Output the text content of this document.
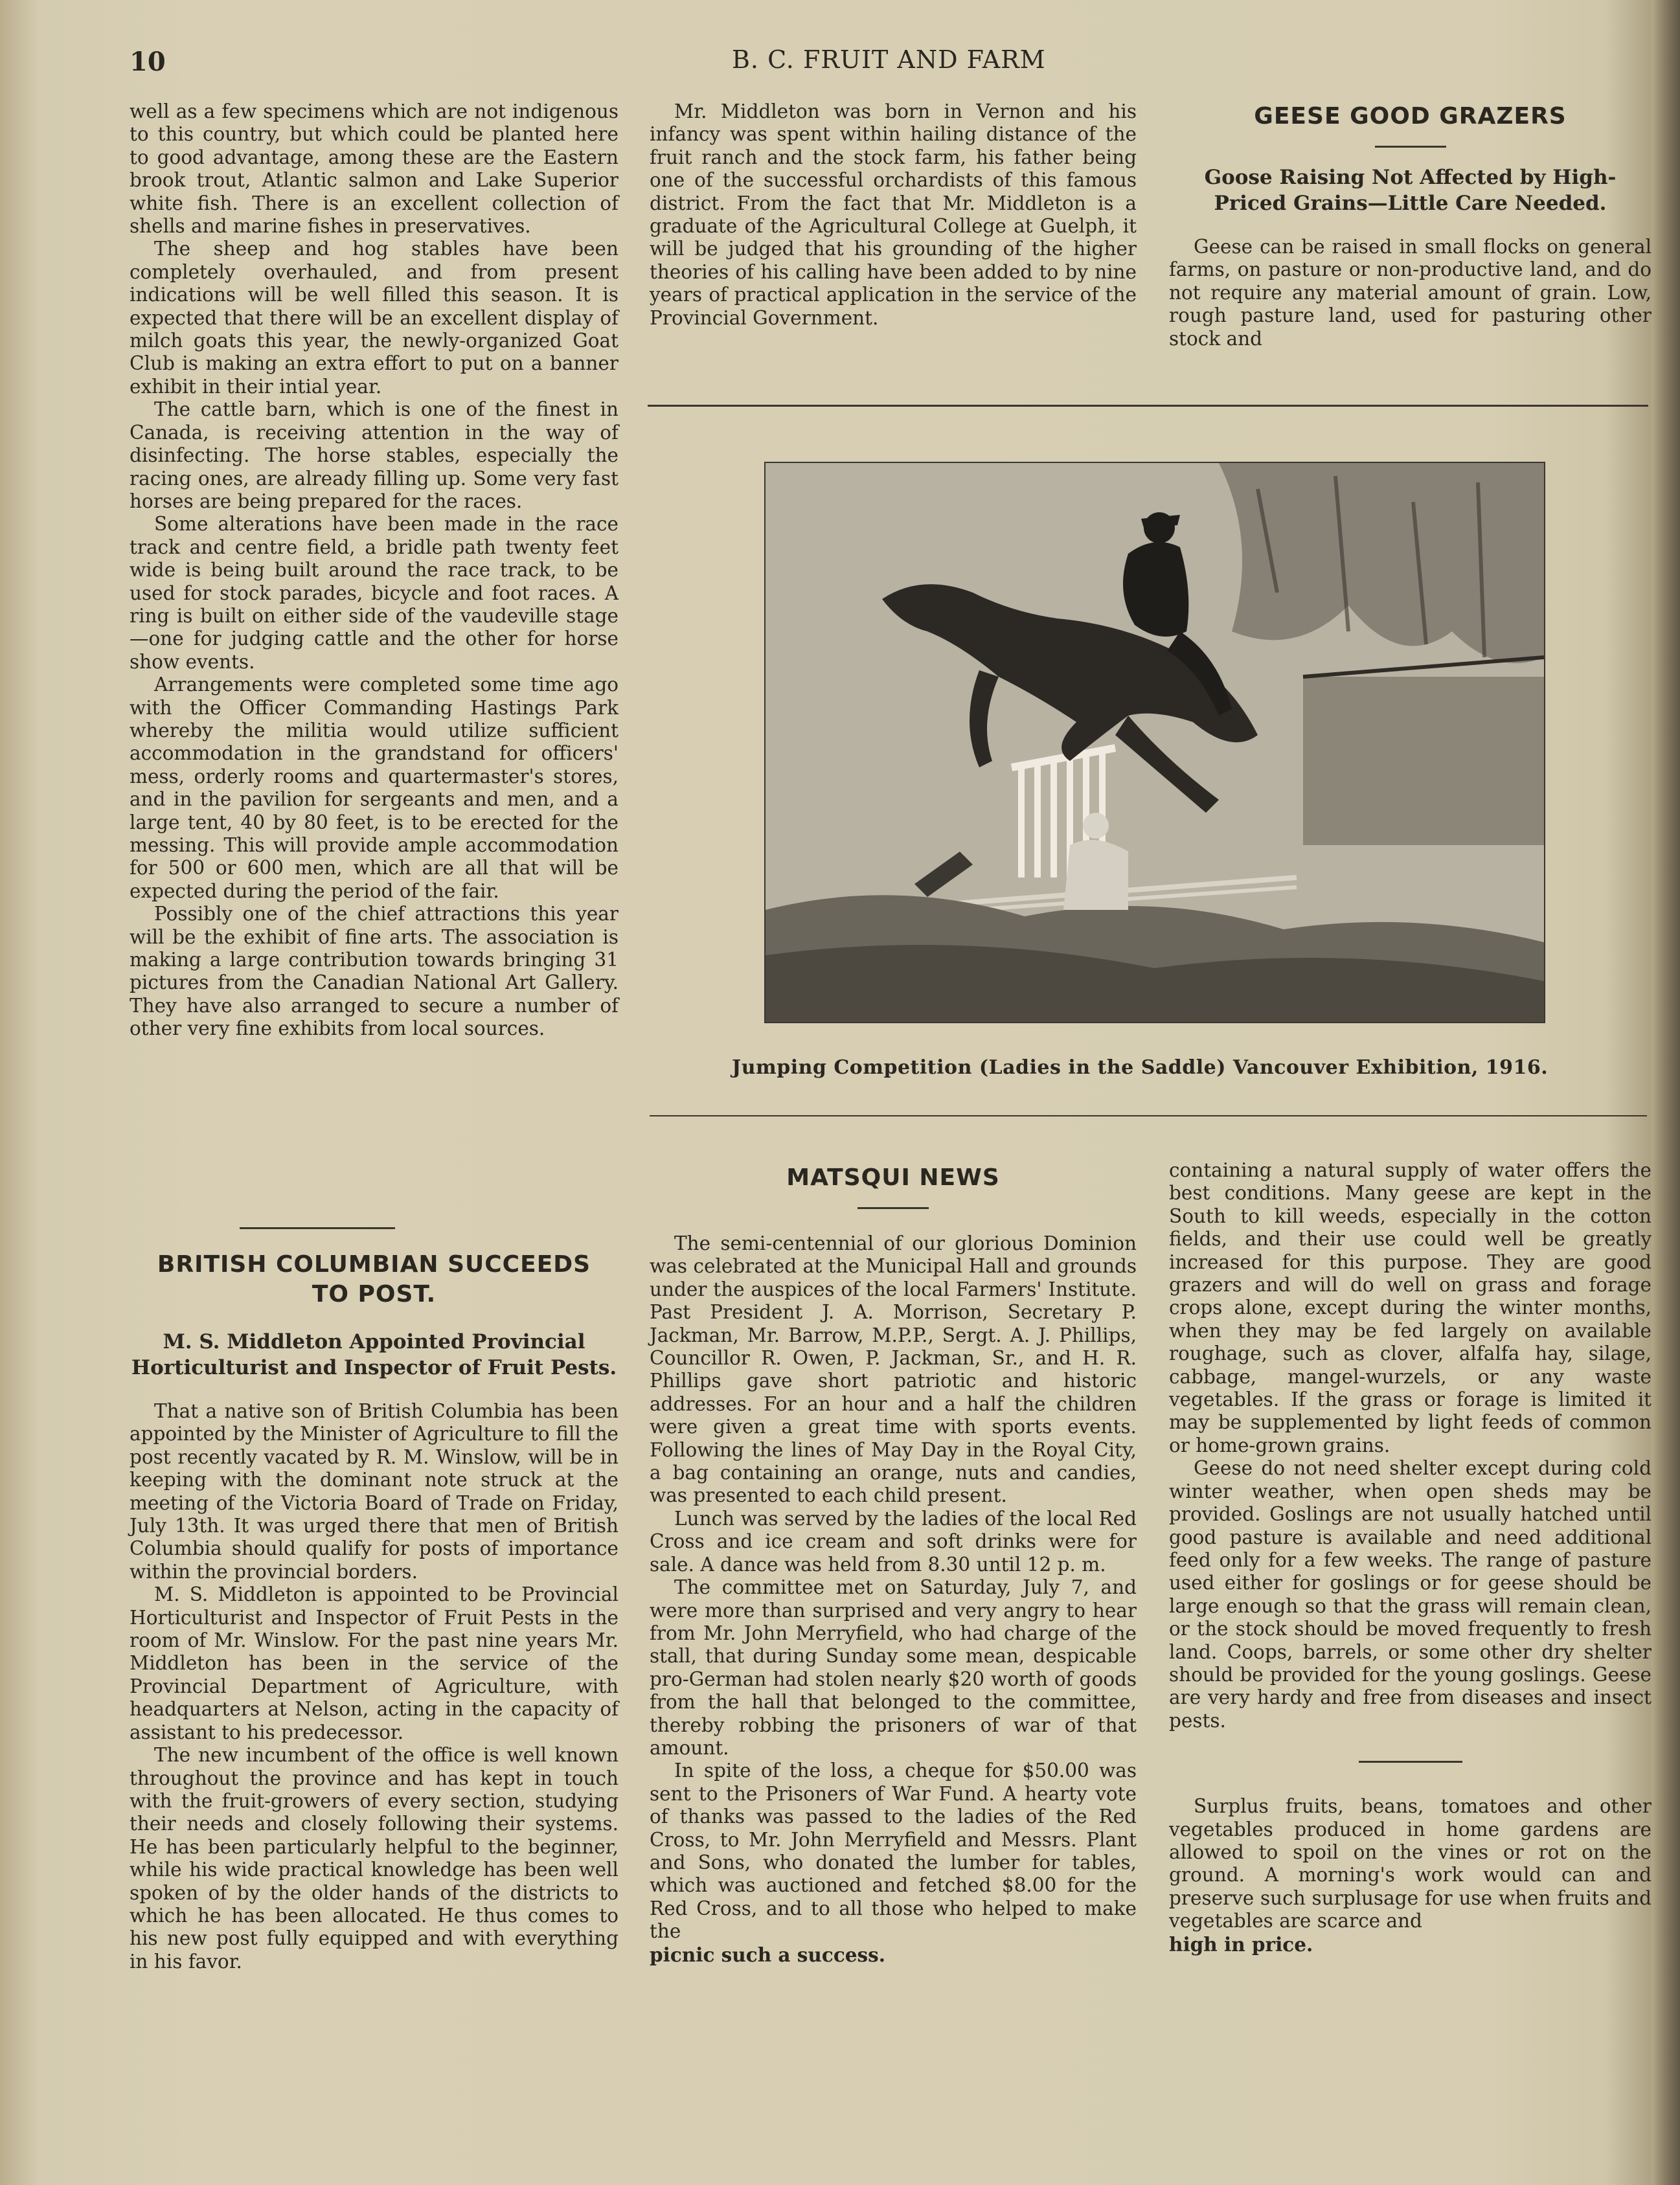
10	B. C. FRUIT AND FARM

well as a few specimens which are not indigenous to this country, but which could be planted here to good advantage, among these are the Eastern brook trout, Atlantic salmon and Lake Superior white fish. There is an excellent collection of shells and marine fishes in preservatives.

The sheep and hog stables have been completely overhauled, and from present indications will be well filled this season. It is expected that there will be an excellent display of milch goats this year, the newly-organized Goat Club is making an extra effort to put on a banner exhibit in their intial year.

The cattle barn, which is one of the finest in Canada, is receiving attention in the way of disinfecting. The horse stables, especially the racing ones, are already filling up. Some very fast horses are being prepared for the races.

Some alterations have been made in the race track and centre field, a bridle path twenty feet wide is being built around the race track, to be used for stock parades, bicycle and foot races. A ring is built on either side of the vaudeville stage—one for judging cattle and the other for horse show events.

Arrangements were completed some time ago with the Officer Commanding Hastings Park whereby the militia would utilize sufficient accommodation in the grandstand for officers' mess, orderly rooms and quartermaster's stores, and in the pavilion for sergeants and men, and a large tent, 40 by 80 feet, is to be erected for the messing. This will provide ample accommodation for 500 or 600 men, which are all that will be expected during the period of the fair.

Possibly one of the chief attractions this year will be the exhibit of fine arts. The association is making a large contribution towards bringing 31 pictures from the Canadian National Art Gallery. They have also arranged to secure a number of other very fine exhibits from local sources.

BRITISH COLUMBIAN SUCCEEDS
TO POST.
M. S. Middleton Appointed Provincial Horticulturist and Inspector of Fruit Pests.

That a native son of British Columbia has been appointed by the Minister of Agriculture to fill the post recently vacated by R. M. Winslow, will be in keeping with the dominant note struck at the meeting of the Victoria Board of Trade on Friday, July 13th. It was urged there that men of British Columbia should qualify for posts of importance within the provincial borders.

M. S. Middleton is appointed to be Provincial Horticulturist and Inspector of Fruit Pests in the room of Mr. Winslow. For the past nine years Mr. Middleton has been in the service of the Provincial Department of Agriculture, with headquarters at Nelson, acting in the capacity of assistant to his predecessor.

The new incumbent of the office is well known throughout the province and has kept in touch with the fruit-growers of every section, studying their needs and closely following their systems. He has been particularly helpful to the beginner, while his wide practical knowledge has been well spoken of by the older hands of the districts to which he has been allocated. He thus comes to his new post fully equipped and with everything in his favor.

Mr. Middleton was born in Vernon and his infancy was spent within hailing distance of the fruit ranch and the stock farm, his father being one of the successful orchardists of this famous district. From the fact that Mr. Middleton is a graduate of the Agricultural College at Guelph, it will be judged that his grounding of the higher theories of his calling have been added to by nine years of practical application in the service of the Provincial Government.

GEESE GOOD GRAZERS
Goose Raising Not Affected by High-Priced Grains—Little Care Needed.

Geese can be raised in small flocks on general farms, on pasture or non-productive land, and do not require any material amount of grain. Low, rough pasture land, used for pasturing other stock and

Jumping Competition (Ladies in the Saddle) Vancouver Exhibition, 1916.
MATSQUI NEWS

The semi-centennial of our glorious Dominion was celebrated at the Municipal Hall and grounds under the auspices of the local Farmers' Institute. Past President J. A. Morrison, Secretary P. Jackman, Mr. Barrow, M.P.P., Sergt. A. J. Phillips, Councillor R. Owen, P. Jackman, Sr., and H. R. Phillips gave short patriotic and historic addresses. For an hour and a half the children were given a great time with sports events. Following the lines of May Day in the Royal City, a bag containing an orange, nuts and candies, was presented to each child present.

Lunch was served by the ladies of the local Red Cross and ice cream and soft drinks were for sale. A dance was held from 8.30 until 12 p. m.

The committee met on Saturday, July 7, and were more than surprised and very angry to hear from Mr. John Merryfield, who had charge of the stall, that during Sunday some mean, despicable pro-German had stolen nearly $20 worth of goods from the hall that belonged to the committee, thereby robbing the prisoners of war of that amount.

In spite of the loss, a cheque for $50.00 was sent to the Prisoners of War Fund. A hearty vote of thanks was passed to the ladies of the Red Cross, to Mr. John Merryfield and Messrs. Plant and Sons, who donated the lumber for tables, which was auctioned and fetched $8.00 for the Red Cross, and to all those who helped to make the

picnic such a success.

containing a natural supply of water offers the best conditions. Many geese are kept in the South to kill weeds, especially in the cotton fields, and their use could well be greatly increased for this purpose. They are good grazers and will do well on grass and forage crops alone, except during the winter months, when they may be fed largely on available roughage, such as clover, alfalfa hay, silage, cabbage, mangel-wurzels, or any waste vegetables. If the grass or forage is limited it may be supplemented by light feeds of common or home-grown grains.

Geese do not need shelter except during cold winter weather, when open sheds may be provided. Goslings are not usually hatched until good pasture is available and need additional feed only for a few weeks. The range of pasture used either for goslings or for geese should be large enough so that the grass will remain clean, or the stock should be moved frequently to fresh land. Coops, barrels, or some other dry shelter should be provided for the young goslings. Geese are very hardy and free from diseases and insect pests.

Surplus fruits, beans, tomatoes and other vegetables produced in home gardens are allowed to spoil on the vines or rot on the ground. A morning's work would can and preserve such surplusage for use when fruits and vegetables are scarce and

high in price.
